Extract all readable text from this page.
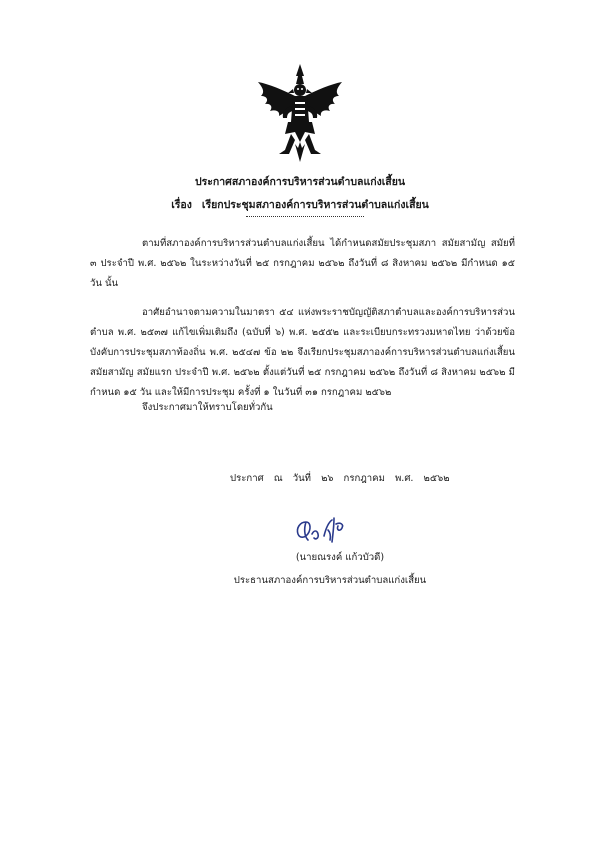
ประกาศสภาองค์การบริหารส่วนตำบลแก่งเสี้ยน
เรื่อง เรียกประชุมสภาองค์การบริหารส่วนตำบลแก่งเสี้ยน
ตามที่สภาองค์การบริหารส่วนตำบลแก่งเสี้ยน ได้กำหนดสมัยประชุมสภา สมัยสามัญ สมัยที่ ๓ ประจำปี พ.ศ. ๒๕๖๒ ในระหว่างวันที่ ๒๕ กรกฎาคม ๒๕๖๒ ถึงวันที่ ๘ สิงหาคม ๒๕๖๒ มีกำหนด ๑๕ วัน นั้น
อาศัยอำนาจตามความในมาตรา ๕๔ แห่งพระราชบัญญัติสภาตำบลและองค์การบริหารส่วนตำบล พ.ศ. ๒๕๓๗ แก้ไขเพิ่มเติมถึง (ฉบับที่ ๖) พ.ศ. ๒๕๕๒ และระเบียบกระทรวงมหาดไทย ว่าด้วยข้อบังคับการประชุมสภาท้องถิ่น พ.ศ. ๒๕๔๗ ข้อ ๒๒ จึงเรียกประชุมสภาองค์การบริหารส่วนตำบลแก่งเสี้ยน สมัยสามัญ สมัยแรก ประจำปี พ.ศ. ๒๕๖๒ ตั้งแต่วันที่ ๒๕ กรกฎาคม ๒๕๖๒ ถึงวันที่ ๘ สิงหาคม ๒๕๖๒ มีกำหนด ๑๕ วัน และให้มีการประชุม ครั้งที่ ๑ ในวันที่ ๓๑ กรกฎาคม ๒๕๖๒
จึงประกาศมาให้ทราบโดยทั่วกัน
ประกาศ ณ วันที่ ๒๖ กรกฎาคม พ.ศ. ๒๕๖๒
(นายณรงค์ แก้วบัวดี)
ประธานสภาองค์การบริหารส่วนตำบลแก่งเสี้ยน
